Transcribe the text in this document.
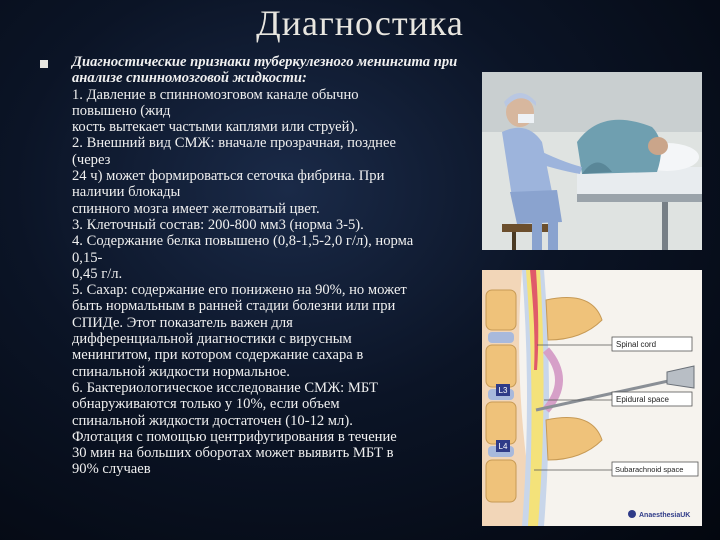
Диагностика
Диагностические признаки туберкулезного менингита при анализе спинномозговой жидкости:
1. Давление в спинномозговом канале обычно
повышено (жид
кость вытекает частыми каплями или струей).
2. Внешний вид СМЖ: вначале прозрачная, позднее
(через
24 ч) может формироваться сеточка фибрина. При
наличии блокады
спинного мозга имеет желтоватый цвет.
3. Клеточный состав: 200-800 мм3 (норма 3-5).
4. Содержание белка повышено (0,8-1,5-2,0 г/л), норма
0,15-
0,45 г/л.
5. Сахар: содержание его понижено на 90%, но может
быть нормальным в ранней стадии болезни или при
СПИДе. Этот показатель важен для
дифференциальной диагностики с вирусным
менингитом, при котором содержание сахара в
спинальной жидкости нормальное.
6. Бактериологическое исследование СМЖ: МБТ
обнаруживаются только у 10%, если объем
спинальной жидкости достаточен (10-12 мл).
Флотация с помощью центрифугирования в течение
30 мин на больших оборотах может выявить МБТ в
90% случаев
L3
L4
Spinal cord
Epidural space
Subarachnoid space
AnaesthesiaUK
